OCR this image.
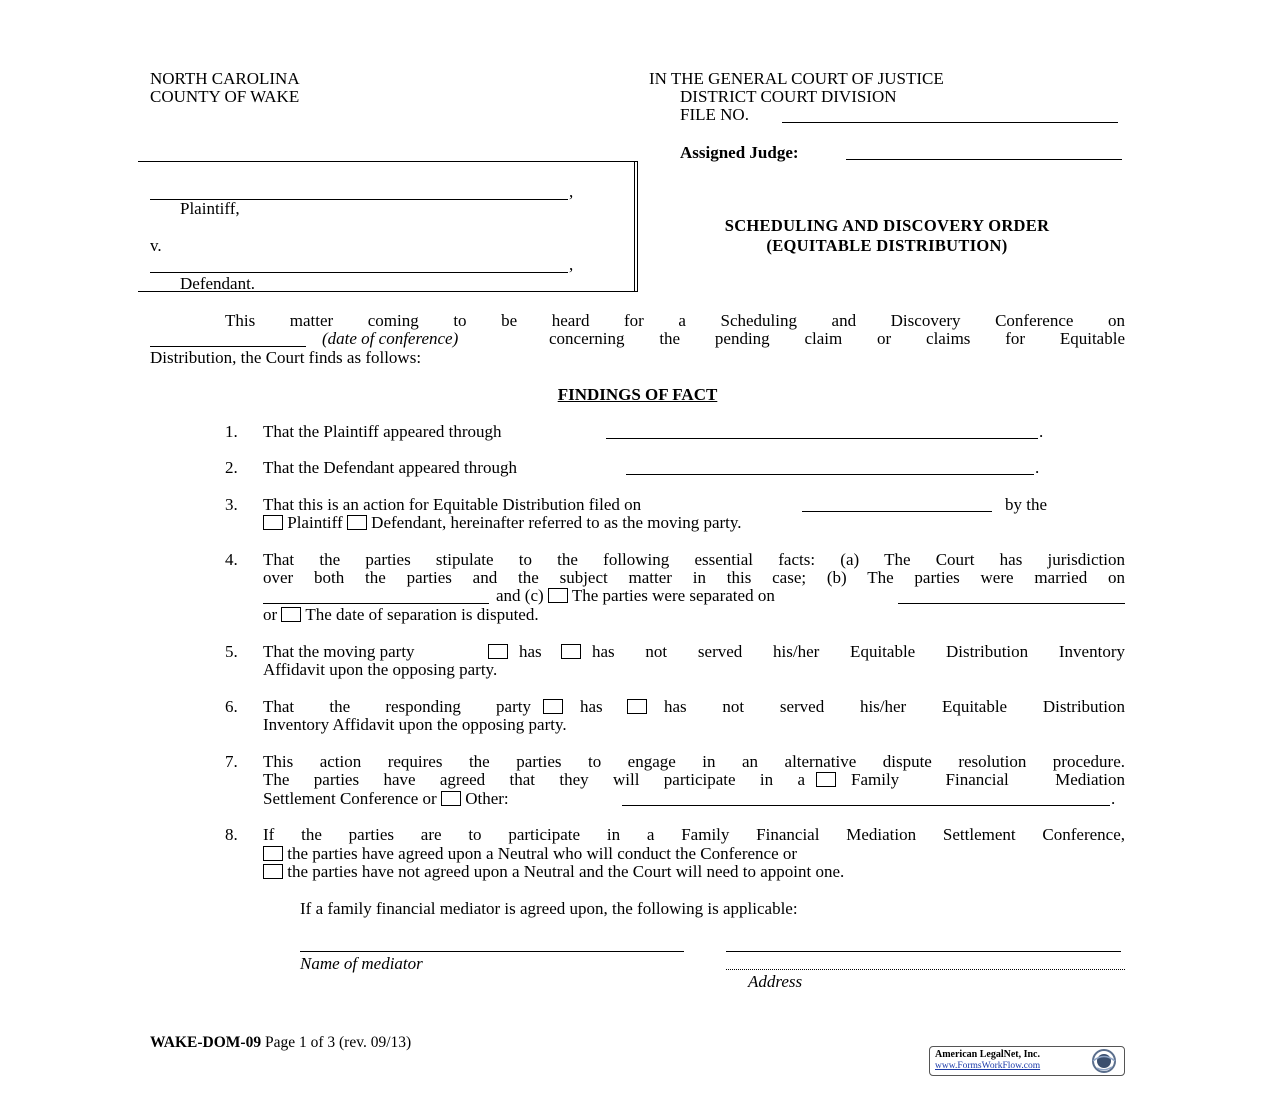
NORTH CAROLINA
COUNTY OF WAKE
IN THE GENERAL COURT OF JUSTICE
DISTRICT COURT DIVISION
FILE NO.
Assigned Judge:
,
Plaintiff,
v.
,
Defendant.
SCHEDULING AND DISCOVERY ORDER
(EQUITABLE DISTRIBUTION)
This matter coming to be heard for a Scheduling and Discovery Conference on
(date of conference)	concerning the pending claim or claims for Equitable
Distribution, the Court finds as follows:
FINDINGS OF FACT
1. That the Plaintiff appeared through	.
2. That the Defendant appeared through	.
3. That this is an action for Equitable Distribution filed on	by the
Plaintiff Defendant, hereinafter referred to as the moving party.
4. That the parties stipulate to the following essential facts: (a) The Court has jurisdiction
over both the parties and the subject matter in this case; (b) The parties were married on
and (c) The parties were separated on
or The date of separation is disputed.
5. That the moving party	has	has not served his/her Equitable Distribution Inventory
Affidavit upon the opposing party.
6. That the responding party	has	has not served his/her Equitable Distribution
Inventory Affidavit upon the opposing party.
7. This action requires the parties to engage in an alternative dispute resolution procedure.
The parties have agreed that they will participate in a	Family Financial Mediation
Settlement Conference or Other:	.
8. If the parties are to participate in a Family Financial Mediation Settlement Conference,
the parties have agreed upon a Neutral who will conduct the Conference or
the parties have not agreed upon a Neutral and the Court will need to appoint one.
If a family financial mediator is agreed upon, the following is applicable:
Name of mediator
Address
WAKE-DOM-09 Page 1 of 3 (rev. 09/13)
American LegalNet, Inc.
www.FormsWorkFlow.com
